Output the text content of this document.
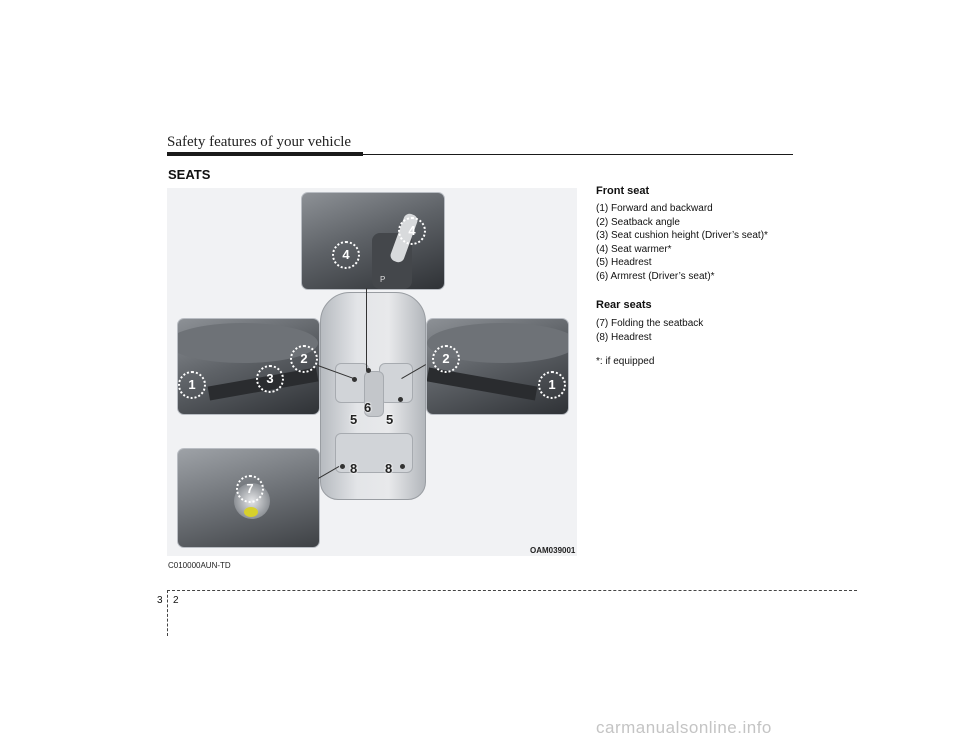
Safety features of your vehicle
SEATS
P
4
4
1
2
3
2
1
7
6
5 5
8 8
OAM039001
C010000AUN-TD
Front seat
(1) Forward and backward
(2) Seatback angle
(3) Seat cushion height (Driver’s seat)*
(4) Seat warmer*
(5) Headrest
(6) Armrest (Driver’s seat)*
Rear seats
(7) Folding the seatback
(8) Headrest
*: if equipped
3 2
carmanualsonline.info
